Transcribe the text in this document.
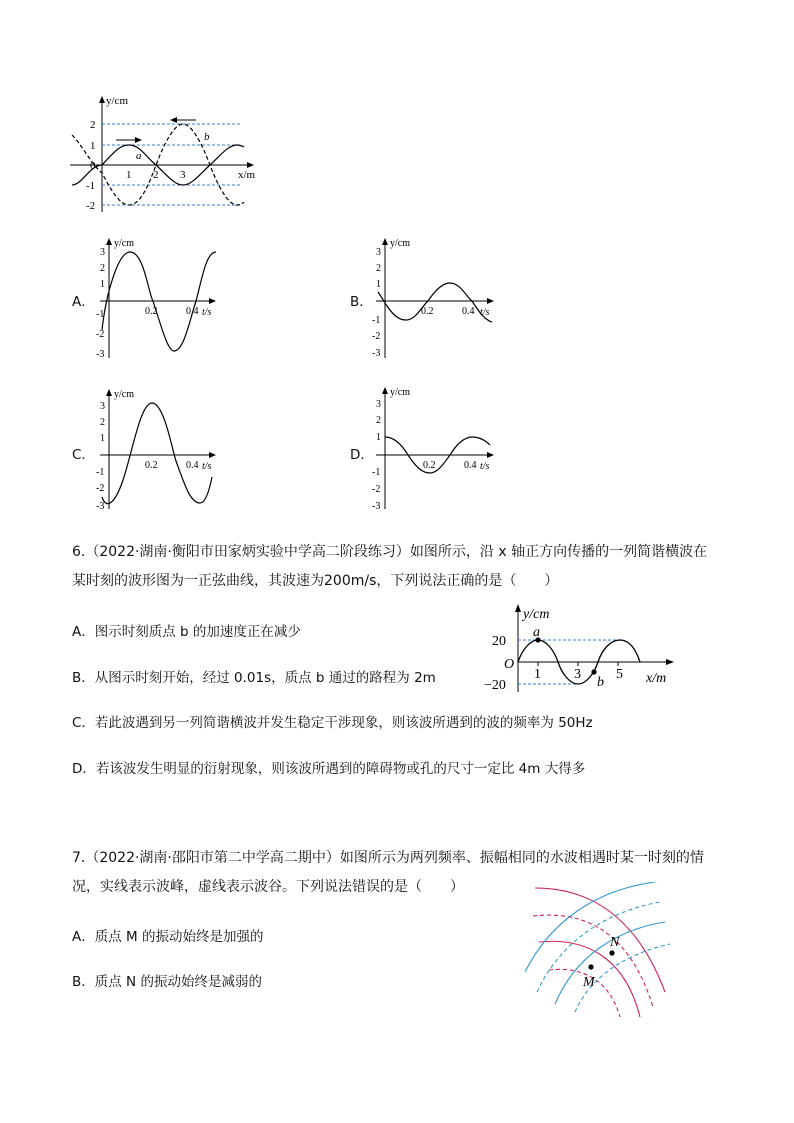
y/cm
x/m
2
1
0
-1
-2
1 2 3
a
b
A．
y/cm
t/s
3
2
1
-1
-2
-3
0.2	0.4
B．
y/cm
t/s
3
2
1
-1
-2
-3
0.2	0.4
C．
y/cm
t/s
3
2
1
-1
-2
-3
0.2	0.4
D．
y/cm
t/s
3
2
1
-1
-2
-3
0.2	0.4
6.（2022·湖南·衡阳市田家炳实验中学高二阶段练习）如图所示，沿 x 轴正方向传播的一列简谐横波在
某时刻的波形图为一正弦曲线，其波速为200m/s，下列说法正确的是（　　）
A．图示时刻质点 b 的加速度正在减少
B．从图示时刻开始，经过 0.01s，质点 b 通过的路程为 2m
C．若此波遇到另一列简谐横波并发生稳定干涉现象，则该波所遇到的波的频率为 50Hz
D．若该波发生明显的衍射现象，则该波所遇到的障碍物或孔的尺寸一定比 4m 大得多
y/cm
x/m
O
20
−20
1 3	5
a
b
7.（2022·湖南·邵阳市第二中学高二期中）如图所示为两列频率、振幅相同的水波相遇时某一时刻的情
况，实线表示波峰，虚线表示波谷。下列说法错误的是（　　）
A．质点 M 的振动始终是加强的
B．质点 N 的振动始终是减弱的
N
M
